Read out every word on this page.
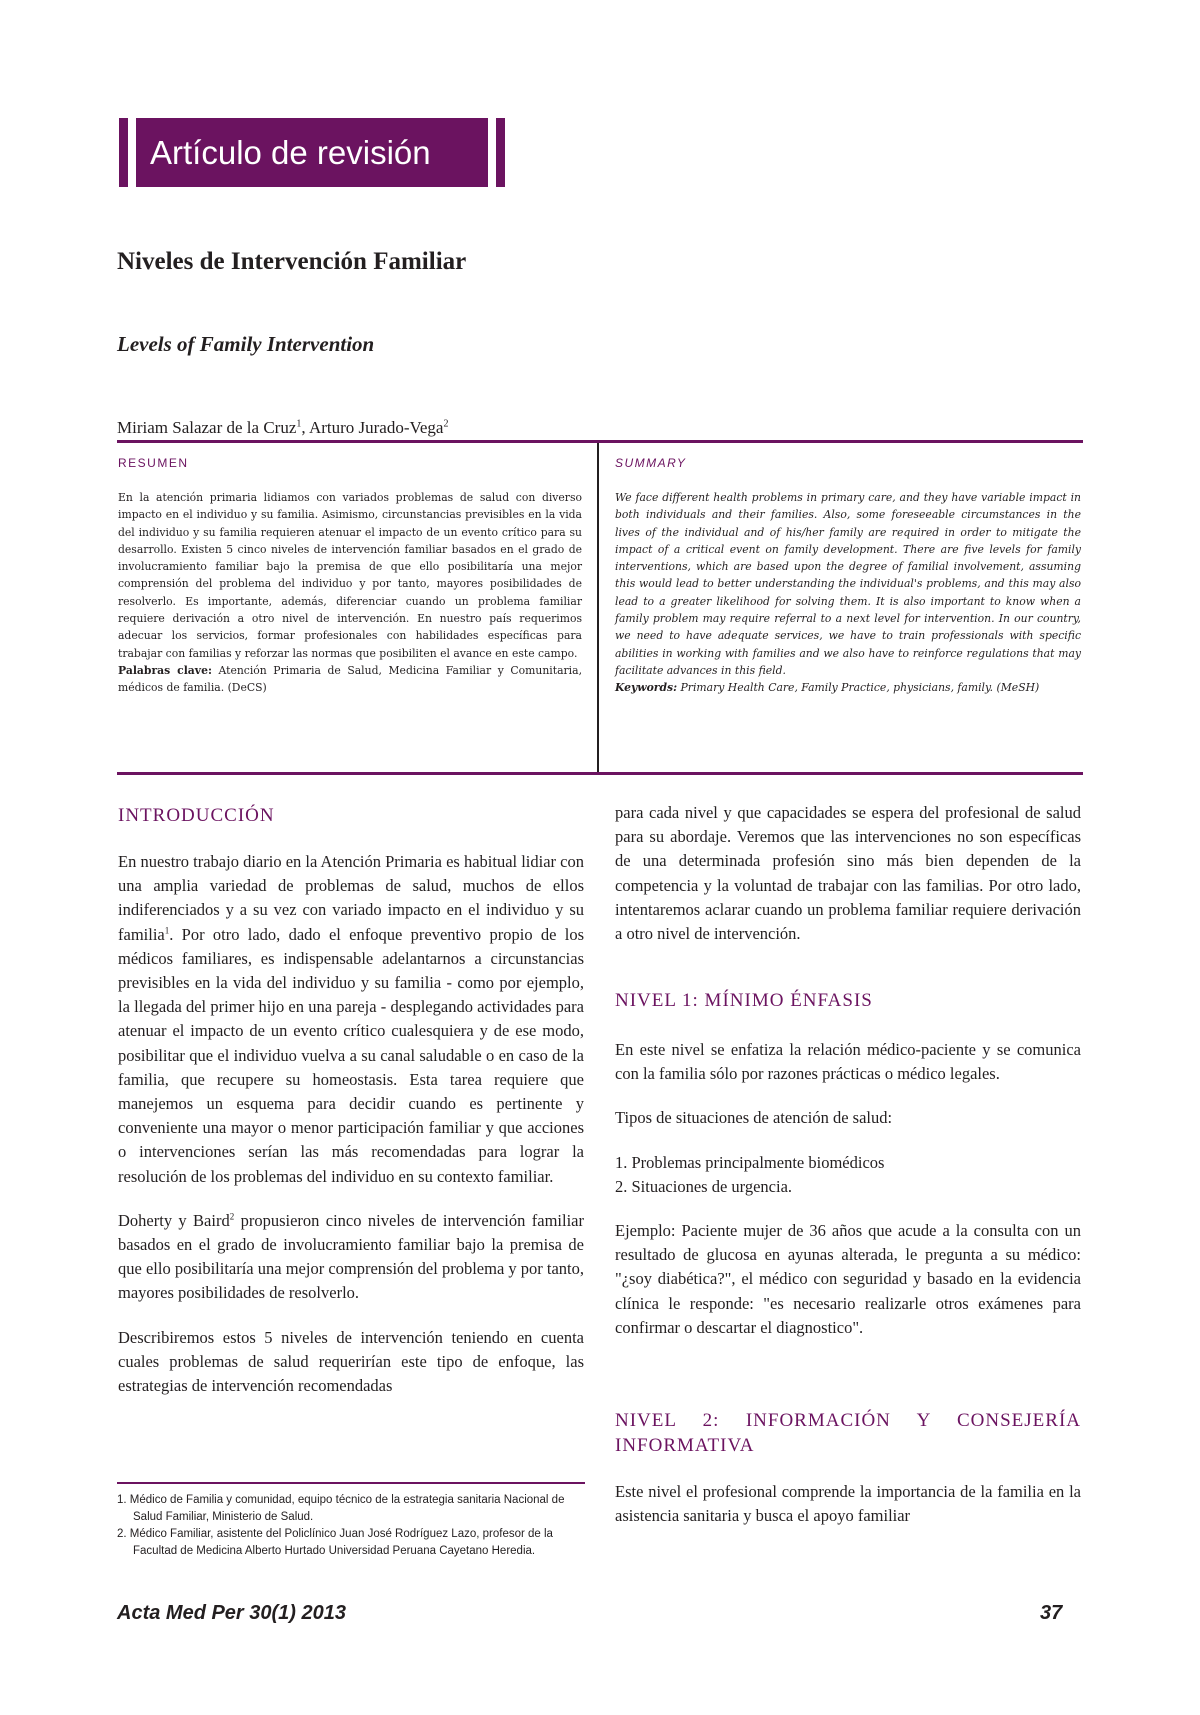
Artículo de revisión
Niveles de Intervención Familiar
Levels of Family Intervention
Miriam Salazar de la Cruz$^1$, Arturo Jurado-Vega$^2$
RESUMEN
En la atención primaria lidiamos con variados problemas de salud con diverso impacto en el individuo y su familia. Asimismo, circunstancias previsibles en la vida del individuo y su familia requieren atenuar el impacto de un evento crítico para su desarrollo. Existen 5 cinco niveles de intervención familiar basados en el grado de involucramiento familiar bajo la premisa de que ello posibilitaría una mejor comprensión del problema del individuo y por tanto, mayores posibilidades de resolverlo. Es importante, además, diferenciar cuando un problema familiar requiere derivación a otro nivel de intervención. En nuestro país requerimos adecuar los servicios, formar profesionales con habilidades específicas para trabajar con familias y reforzar las normas que posibiliten el avance en este campo.
Palabras clave: Atención Primaria de Salud, Medicina Familiar y Comunitaria, médicos de familia. (DeCS)
SUMMARY
We face different health problems in primary care, and they have variable impact in both individuals and their families. Also, some foreseeable circumstances in the lives of the individual and of his/her family are required in order to mitigate the impact of a critical event on family development. There are five levels for family interventions, which are based upon the degree of familial involvement, assuming this would lead to better understanding the individual's problems, and this may also lead to a greater likelihood for solving them. It is also important to know when a family problem may require referral to a next level for intervention. In our country, we need to have adequate services, we have to train professionals with specific abilities in working with families and we also have to reinforce regulations that may facilitate advances in this field.
Keywords: Primary Health Care, Family Practice, physicians, family. (MeSH)
INTRODUCCIÓN

En nuestro trabajo diario en la Atención Primaria es habitual lidiar con una amplia variedad de problemas de salud, muchos de ellos indiferenciados y a su vez con variado impacto en el individuo y su familia$^1$. Por otro lado, dado el enfoque preventivo propio de los médicos familiares, es indispensable adelantarnos a circunstancias previsibles en la vida del individuo y su familia - como por ejemplo, la llegada del primer hijo en una pareja - desplegando actividades para atenuar el impacto de un evento crítico cualesquiera y de ese modo, posibilitar que el individuo vuelva a su canal saludable o en caso de la familia, que recupere su homeostasis. Esta tarea requiere que manejemos un esquema para decidir cuando es pertinente y conveniente una mayor o menor participación familiar y que acciones o intervenciones serían las más recomendadas para lograr la resolución de los problemas del individuo en su contexto familiar.

Doherty y Baird$^2$ propusieron cinco niveles de intervención familiar basados en el grado de involucramiento familiar bajo la premisa de que ello posibilitaría una mejor comprensión del problema y por tanto, mayores posibilidades de resolverlo.

Describiremos estos 5 niveles de intervención teniendo en cuenta cuales problemas de salud requerirían este tipo de enfoque, las estrategias de intervención recomendadas

1. Médico de Familia y comunidad, equipo técnico de la estrategia sanitaria Nacional de Salud Familiar, Ministerio de Salud.

2. Médico Familiar, asistente del Policlínico Juan José Rodríguez Lazo, profesor de la Facultad de Medicina Alberto Hurtado Universidad Peruana Cayetano Heredia.

para cada nivel y que capacidades se espera del profesional de salud para su abordaje. Veremos que las intervenciones no son específicas de una determinada profesión sino más bien dependen de la competencia y la voluntad de trabajar con las familias. Por otro lado, intentaremos aclarar cuando un problema familiar requiere derivación a otro nivel de intervención.

NIVEL 1: MÍNIMO ÉNFASIS

En este nivel se enfatiza la relación médico-paciente y se comunica con la familia sólo por razones prácticas o médico legales.

Tipos de situaciones de atención de salud:

1. Problemas principalmente biomédicos

2. Situaciones de urgencia.

Ejemplo: Paciente mujer de 36 años que acude a la consulta con un resultado de glucosa en ayunas alterada, le pregunta a su médico: "¿soy diabética?", el médico con seguridad y basado en la evidencia clínica le responde: "es necesario realizarle otros exámenes para confirmar o descartar el diagnostico".

NIVEL 2: INFORMACIÓN Y CONSEJERÍA INFORMATIVA

Este nivel el profesional comprende la importancia de la familia en la asistencia sanitaria y busca el apoyo familiar

Acta Med Per 30(1) 2013	37
